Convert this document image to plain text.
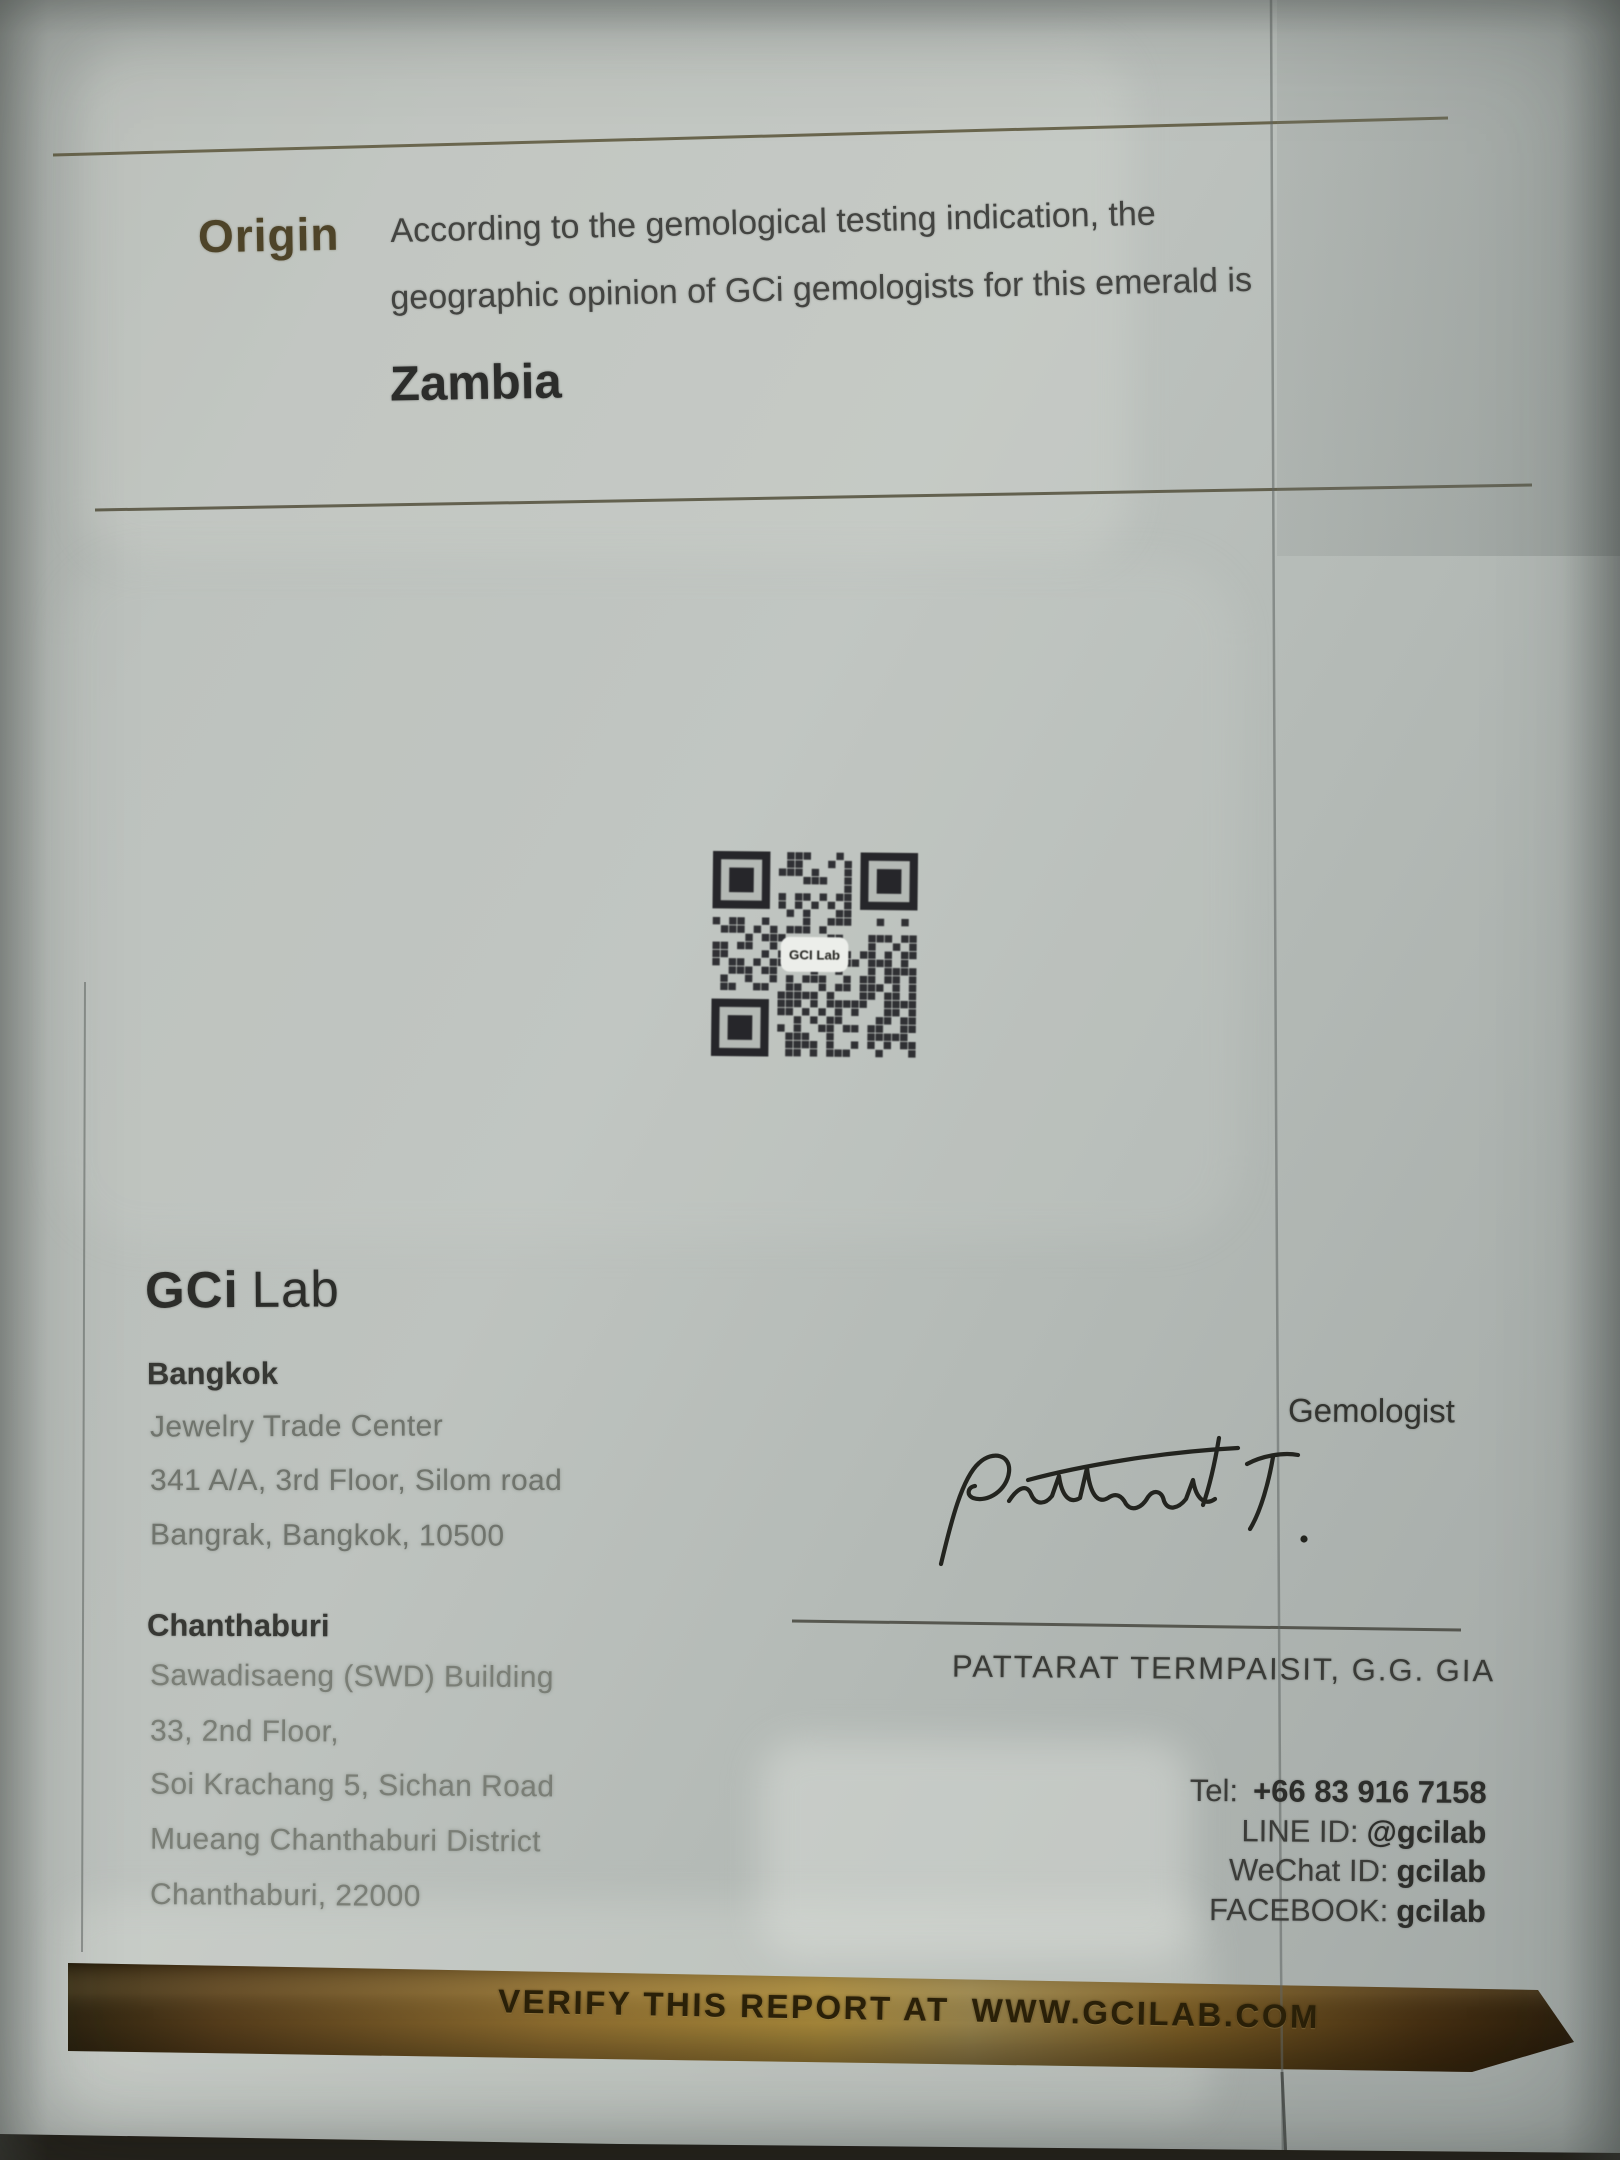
Origin According to the gemological testing indication, the
geographic opinion of GCi gemologists for this emerald is
Zambia
GCI Lab
GCi Lab
Bangkok
Jewelry Trade Center
341 A/A, 3rd Floor, Silom road
Bangrak, Bangkok, 10500
Chanthaburi
Sawadisaeng (SWD) Building
33, 2nd Floor,
Soi Krachang 5, Sichan Road
Mueang Chanthaburi District
Chanthaburi, 22000
Gemologist
PATTARAT TERMPAISIT, G.G. GIA
Tel: +66 83 916 7158
LINE ID: @gcilab
WeChat ID: gcilab
FACEBOOK: gcilab
VERIFY THIS REPORT AT WWW.GCILAB.COM
